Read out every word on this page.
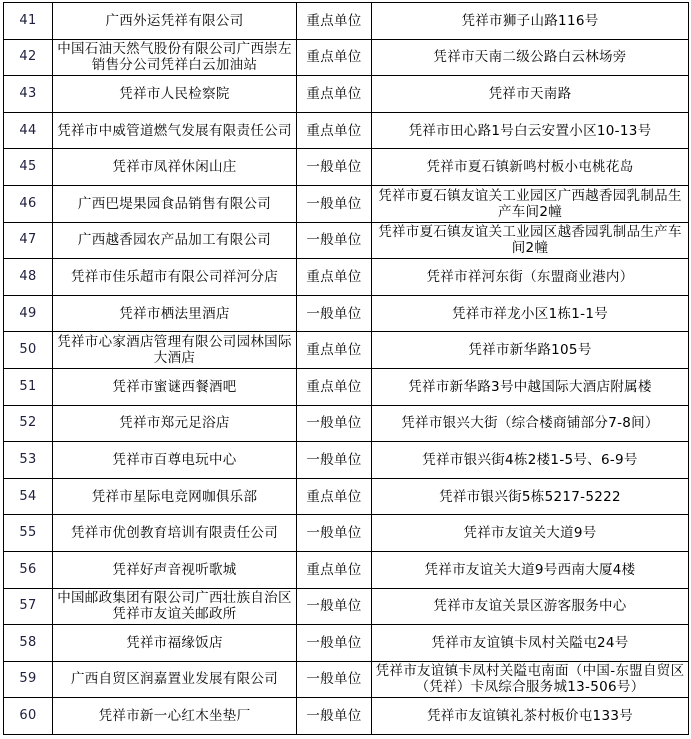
41	广西外运凭祥有限公司	重点单位	凭祥市狮子山路116号
42	中国石油天然气股份有限公司广西崇左销售分公司凭祥白云加油站	重点单位	凭祥市天南二级公路白云林场旁
43	凭祥市人民检察院	重点单位	凭祥市天南路
44	凭祥市中威管道燃气发展有限责任公司	重点单位	凭祥市田心路1号白云安置小区10-13号
45	凭祥市凤祥休闲山庄	一般单位	凭祥市夏石镇新鸣村板小屯桃花岛
46	广西巴堤果园食品销售有限公司	一般单位	凭祥市夏石镇友谊关工业园区广西越香园乳制品生产车间2幢
47	广西越香园农产品加工有限公司	一般单位	凭祥市夏石镇友谊关工业园区越香园乳制品生产车间2幢
48	凭祥市佳乐超市有限公司祥河分店	重点单位	凭祥市祥河东街（东盟商业港内）
49	凭祥市栖法里酒店	一般单位	凭祥市祥龙小区1栋1-1号
50	凭祥市心家酒店管理有限公司园林国际大酒店	重点单位	凭祥市新华路105号
51	凭祥市蜜谜西餐酒吧	重点单位	凭祥市新华路3号中越国际大酒店附属楼
52	凭祥市郑元足浴店	一般单位	凭祥市银兴大街（综合楼商铺部分7-8间）
53	凭祥市百尊电玩中心	一般单位	凭祥市银兴街4栋2楼1-5号、6-9号
54	凭祥市星际电竞网咖俱乐部	重点单位	凭祥市银兴街5栋5217-5222
55	凭祥市优创教育培训有限责任公司	一般单位	凭祥市友谊关大道9号
56	凭祥好声音视听歌城	重点单位	凭祥市友谊关大道9号西南大厦4楼
57	中国邮政集团有限公司广西壮族自治区凭祥市友谊关邮政所	一般单位	凭祥市友谊关景区游客服务中心
58	凭祥市福缘饭店	一般单位	凭祥市友谊镇卡凤村关隘屯24号
59	广西自贸区润嘉置业发展有限公司	一般单位	凭祥市友谊镇卡凤村关隘屯南面（中国-东盟自贸区（凭祥）卡凤综合服务城13-506号）
60	凭祥市新一心红木坐垫厂	一般单位	凭祥市友谊镇礼茶村板价屯133号
